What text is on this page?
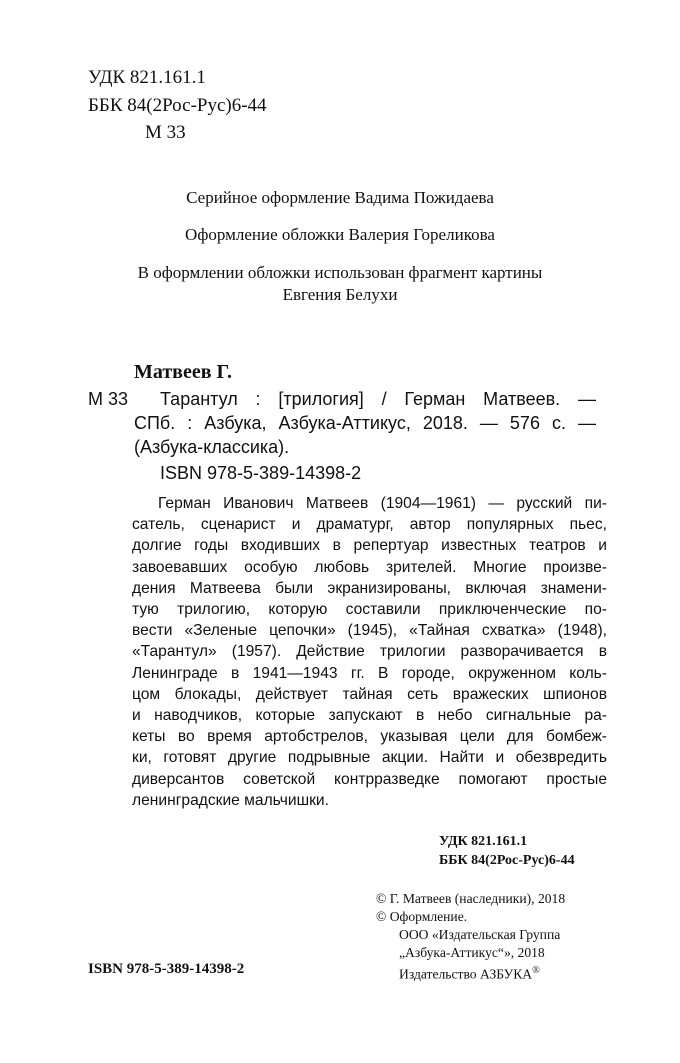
УДК 821.161.1
ББК 84(2Рос-Рус)6-44
М 33
Серийное оформление Вадима Пожидаева
Оформление обложки Валерия Гореликова
В оформлении обложки использован фрагмент картины
Евгения Белухи
Матвеев Г.
М 33 Тарантул : [трилогия] / Герман Матвеев. —
СПб. : Азбука, Азбука-Аттикус, 2018. — 576 с. —
(Азбука-классика).
ISBN 978-5-389-14398-2
Герман Иванович Матвеев (1904—1961) — русский пи-
сатель, сценарист и драматург, автор популярных пьес,
долгие годы входивших в репертуар известных театров и
завоевавших особую любовь зрителей. Многие произве-
дения Матвеева были экранизированы, включая знамени-
тую трилогию, которую составили приключенческие по-
вести «Зеленые цепочки» (1945), «Тайная схватка» (1948),
«Тарантул» (1957). Действие трилогии разворачивается в
Ленинграде в 1941—1943 гг. В городе, окруженном коль-
цом блокады, действует тайная сеть вражеских шпионов
и наводчиков, которые запускают в небо сигнальные ра-
кеты во время артобстрелов, указывая цели для бомбеж-
ки, готовят другие подрывные акции. Найти и обезвредить
диверсантов советской контрразведке помогают простые
ленинградские мальчишки.
УДК 821.161.1
ББК 84(2Рос-Рус)6-44
© Г. Матвеев (наследники), 2018
© Оформление.
ООО «Издательская Группа
„Азбука-Аттикус“», 2018
Издательство АЗБУКА®
ISBN 978-5-389-14398-2
